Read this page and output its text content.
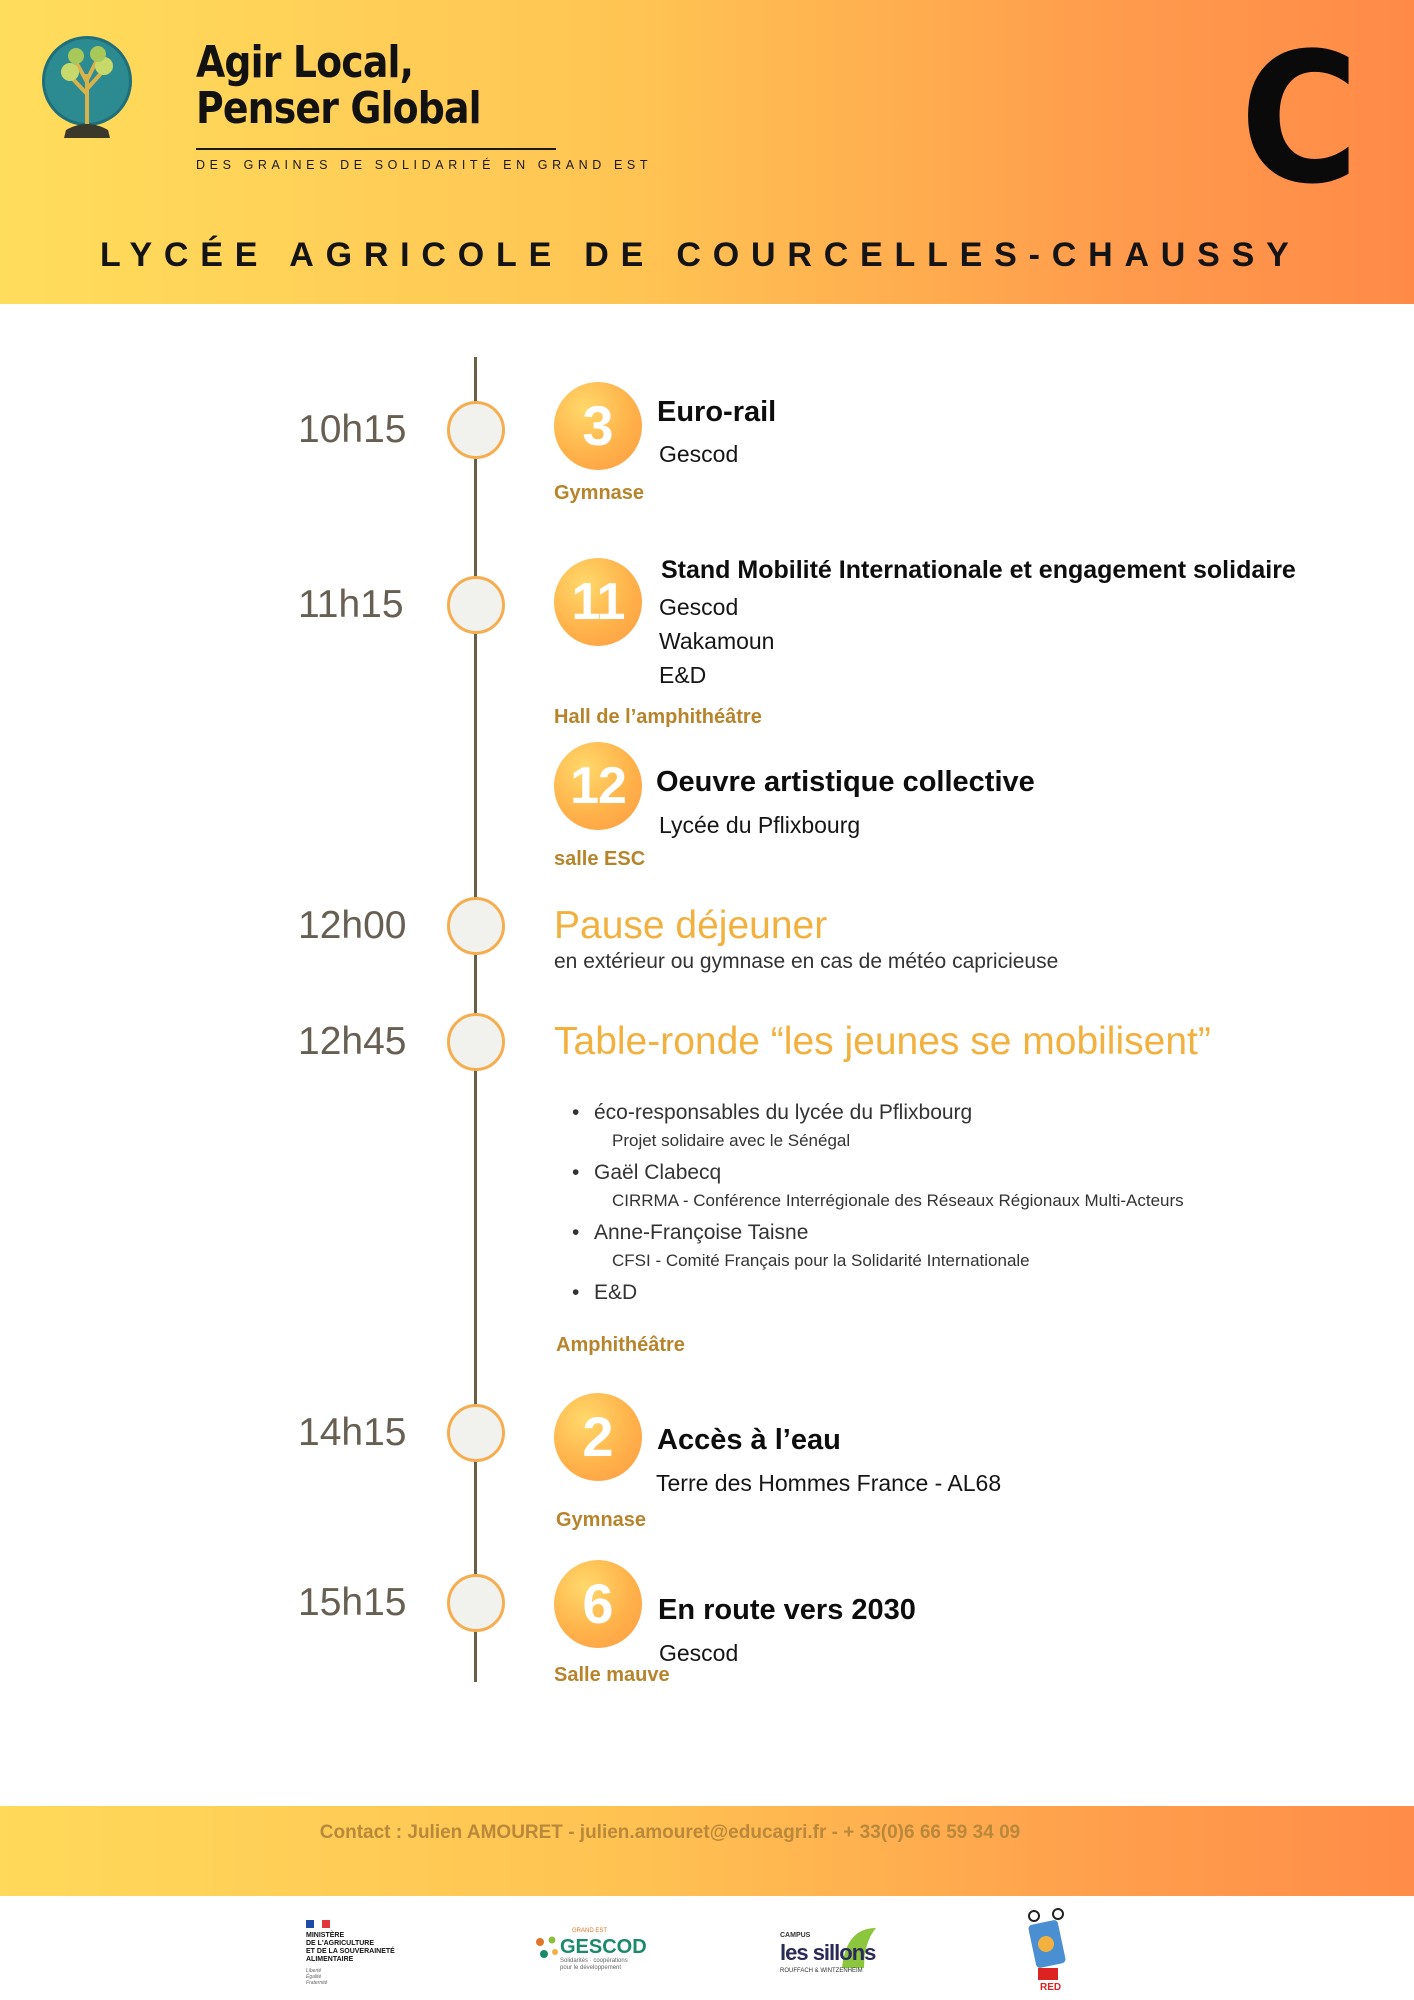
Agir Local,
Penser Global
DES GRAINES DE SOLIDARITÉ EN GRAND EST	C
LYCÉE AGRICOLE DE COURCELLES-CHAUSSY
10h15	3	Euro-rail
Gescod
Gymnase
11h15	11
Stand Mobilité Internationale et engagement solidaire
Gescod
Wakamoun
E&D
Hall de l’amphithéâtre
12	Oeuvre artistique collective
Lycée du Pflixbourg
salle ESC
12h00	Pause déjeuner
en extérieur ou gymnase en cas de météo capricieuse
12h45	Table-ronde “les jeunes se mobilisent”
• éco-responsables du lycée du Pflixbourg
Projet solidaire avec le Sénégal
• Gaël Clabecq
CIRRMA - Conférence Interrégionale des Réseaux Régionaux Multi-Acteurs
• Anne-Françoise Taisne
CFSI - Comité Français pour la Solidarité Internationale
• E&D
Amphithéâtre
14h15	2	Accès à l’eau
Terre des Hommes France - AL68
Gymnase
15h15	6	En route vers 2030
Gescod
Salle mauve
Contact : Julien AMOURET - julien.amouret@educagri.fr - + 33(0)6 66 59 34 09
MINISTÈRE
DE L'AGRICULTURE
ET DE LA SOUVERAINETÉ
ALIMENTAIRE
Liberté
Égalité
Fraternité
GRAND EST
GESCOD
Solidarités · coopérations pour le développement
CAMPUS
les sillons
ROUFFACH & WINTZENHEIM
RED
